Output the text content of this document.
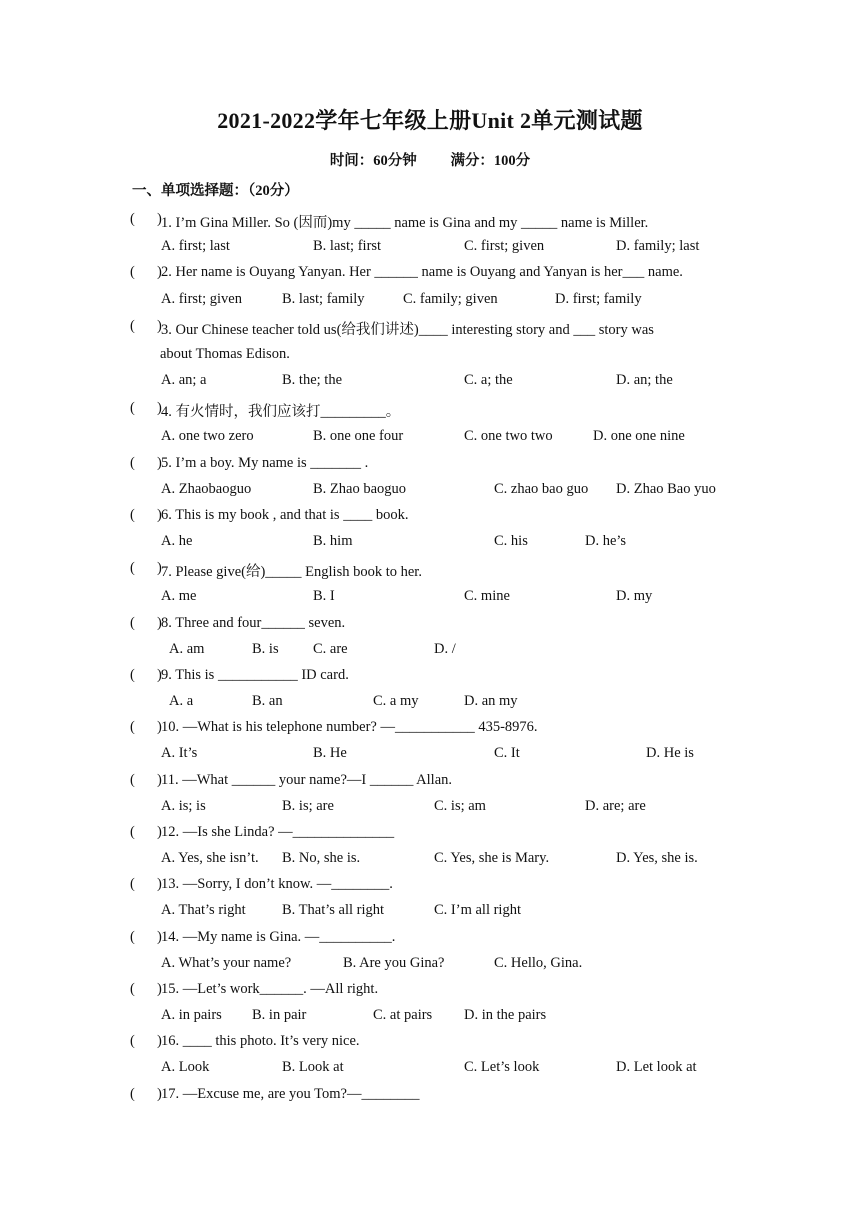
2021-2022学年七年级上册Unit 2单元测试题
时间：60分钟 满分：100分
一、单项选择题：（20分）
( ) 1. I’m Gina Miller. So (因而)my _____ name is Gina and my _____ name is Miller.
A. first; last	B. last; first	C. first; given	D. family; last
( ) 2. Her name is Ouyang Yanyan. Her ______ name is Ouyang and Yanyan is her___ name.
A. first; given	B. last; family	C. family; given	D. first; family
( ) 3. Our Chinese teacher told us(给我们讲述)____ interesting story and ___ story was
about Thomas Edison.
A. an; a	B. the; the	C. a; the	D. an; the
( ) 4. 有火情时，我们应该打_________。
A. one two zero	B. one one four	C. one two two	D. one one nine
( ) 5. I’m a boy. My name is _______ .
A. Zhaobaoguo	B. Zhao baoguo	C. zhao bao guo D. Zhao Bao yuo
( ) 6. This is my book , and that is ____ book.
A. he	B. him	C. his	D. he’s
( ) 7. Please give(给)_____ English book to her.
A. me	B. I	C. mine	D. my
( ) 8. Three and four______ seven.
A. am	B. is C. are	D. /
( ) 9. This is ___________ ID card.
A. a	B. an	C. a my	D. an my
( ) 10. —What is his telephone number? —___________ 435-8976.
A. It’s	B. He	C. It	D. He is
( ) 11. —What ______ your name?—I ______ Allan.
A. is; is	B. is; are	C. is; am	D. are; are
( ) 12. —Is she Linda? —______________
A. Yes, she isn’t. B. No, she is.	C. Yes, she is Mary.	D. Yes, she is.
( ) 13. —Sorry, I don’t know. —________.
A. That’s right	B. That’s all right	C. I’m all right
( ) 14. —My name is Gina. —__________.
A. What’s your name?	B. Are you Gina?	C. Hello, Gina.
( ) 15. —Let’s work______. —All right.
A. in pairs B. in pair	C. at pairs D. in the pairs
( ) 16. ____ this photo. It’s very nice.
A. Look	B. Look at	C. Let’s look	D. Let look at
( ) 17. —Excuse me, are you Tom?—________
